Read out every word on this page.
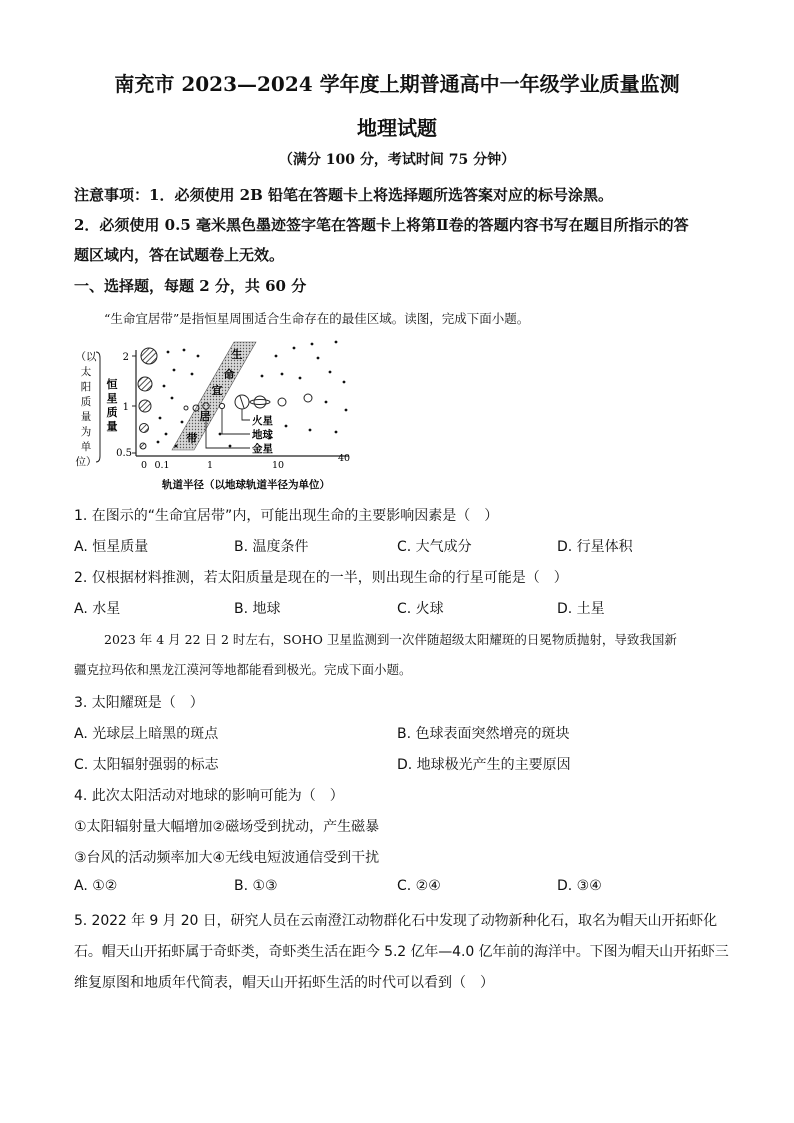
南充市 2023—2024 学年度上期普通高中一年级学业质量监测
地理试题
（满分 100 分，考试时间 75 分钟）
注意事项：1．必须使用 2B 铅笔在答题卡上将选择题所选答案对应的标号涂黑。
2．必须使用 0.5 毫米黑色墨迹签字笔在答题卡上将第Ⅱ卷的答题内容书写在题目所指示的答
题区域内，答在试题卷上无效。
一、选择题，每题 2 分，共 60 分
“生命宜居带”是指恒星周围适合生命存在的最佳区域。读图，完成下面小题。
（以
太
阳
质
量
为
单
位）
恒
星
质
量
2
1
0.5
0 0.1	1	10
40
轨道半径（以地球轨道半径为单位）
生
命
宜
居
带
火星
地球
金星
1. 在图示的“生命宜居带”内，可能出现生命的主要影响因素是（　）
A. 恒星质量	B. 温度条件	C. 大气成分	D. 行星体积
2. 仅根据材料推测，若太阳质量是现在的一半，则出现生命的行星可能是（　）
A. 水星	B. 地球	C. 火球	D. 土星
2023 年 4 月 22 日 2 时左右，SOHO 卫星监测到一次伴随超级太阳耀斑的日冕物质抛射，导致我国新
疆克拉玛依和黑龙江漠河等地都能看到极光。完成下面小题。
3. 太阳耀斑是（　）
A. 光球层上暗黑的斑点	B. 色球表面突然增亮的斑块
C. 太阳辐射强弱的标志	D. 地球极光产生的主要原因
4. 此次太阳活动对地球的影响可能为（　）
①太阳辐射量大幅增加②磁场受到扰动，产生磁暴
③台风的活动频率加大④无线电短波通信受到干扰
A. ①②	B. ①③	C. ②④	D. ③④
5. 2022 年 9 月 20 日，研究人员在云南澄江动物群化石中发现了动物新种化石，取名为帽天山开拓虾化
石。帽天山开拓虾属于奇虾类，奇虾类生活在距今 5.2 亿年—4.0 亿年前的海洋中。下图为帽天山开拓虾三
维复原图和地质年代简表，帽天山开拓虾生活的时代可以看到（　）
